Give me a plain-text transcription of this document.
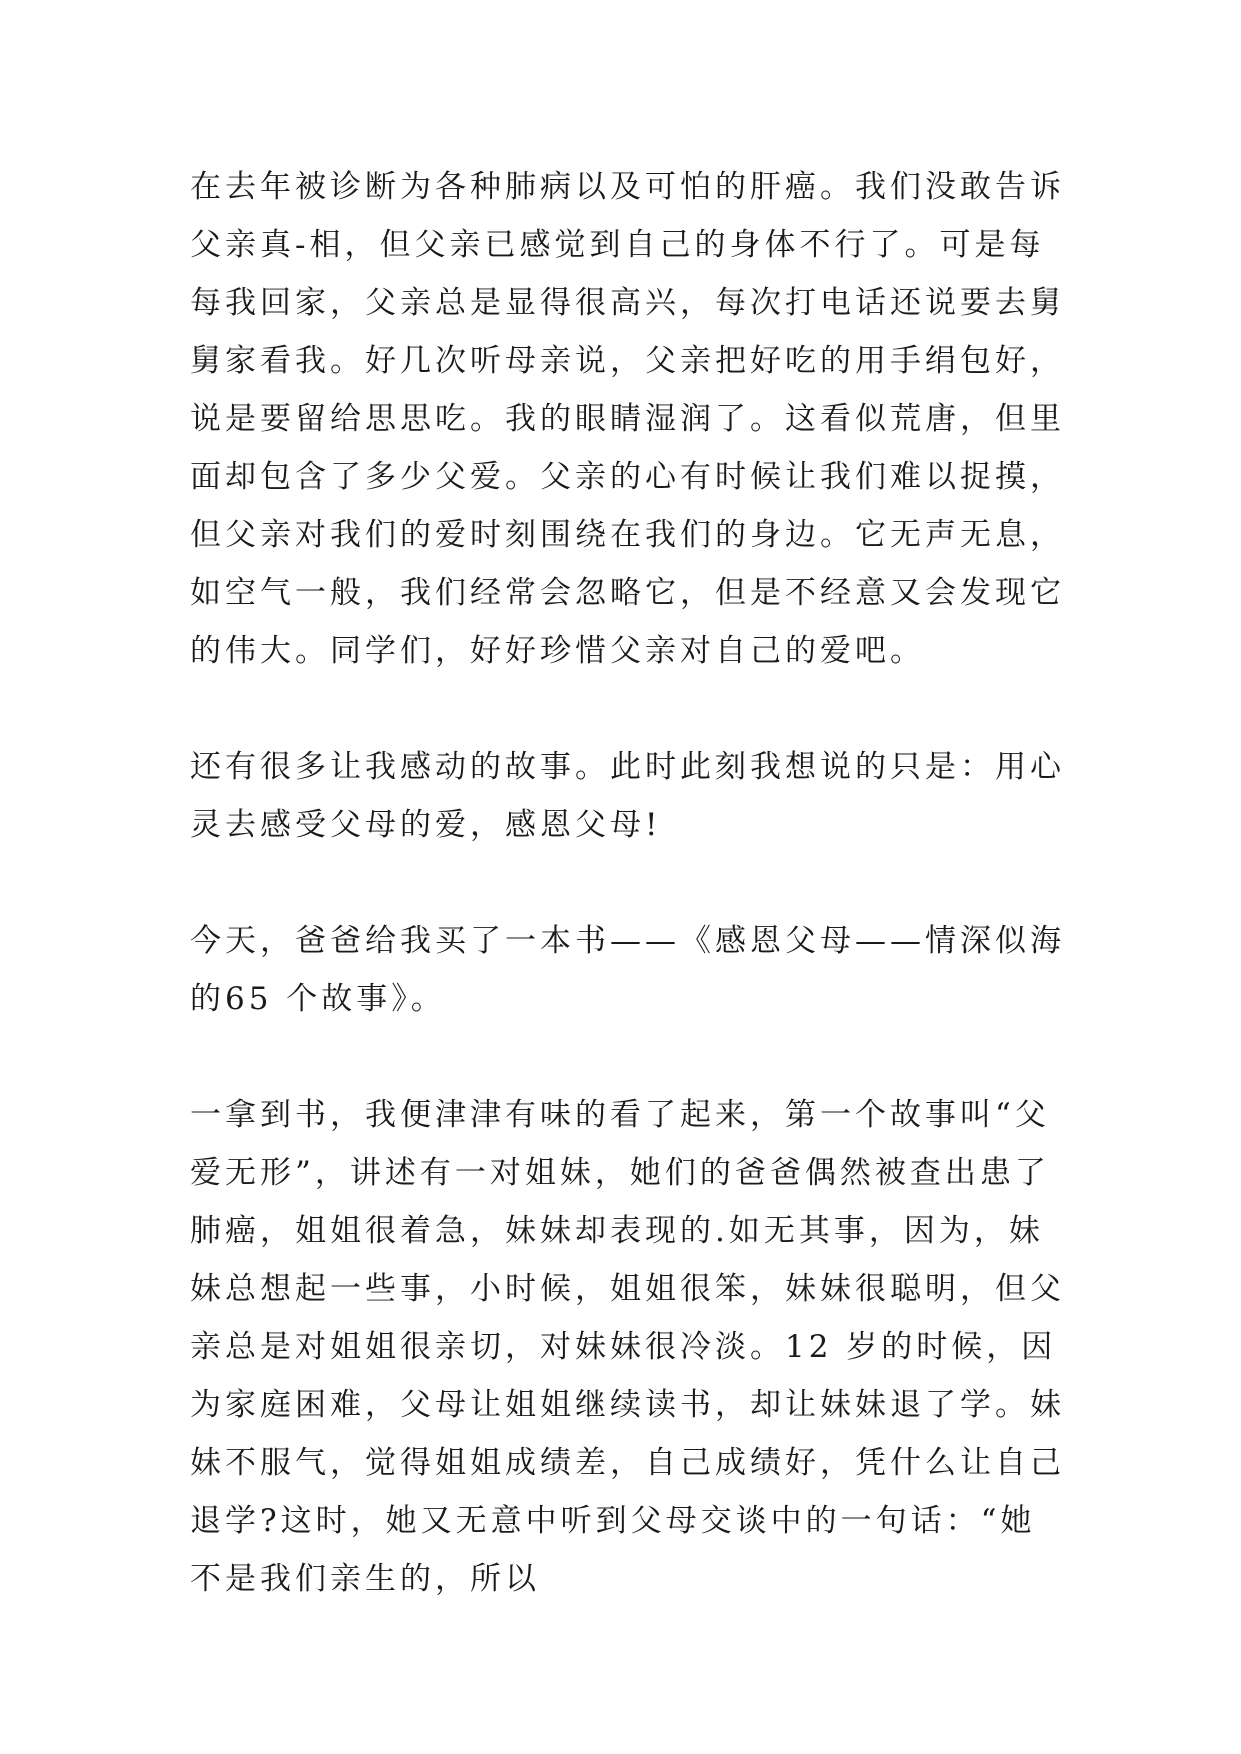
在去年被诊断为各种肺病以及可怕的肝癌。我们没敢告诉父亲真-相，但父亲已感觉到自己的身体不行了。可是每每我回家，父亲总是显得很高兴，每次打电话还说要去舅舅家看我。好几次听母亲说，父亲把好吃的用手绢包好，说是要留给思思吃。我的眼睛湿润了。这看似荒唐，但里面却包含了多少父爱。父亲的心有时候让我们难以捉摸，但父亲对我们的爱时刻围绕在我们的身边。它无声无息，如空气一般，我们经常会忽略它，但是不经意又会发现它的伟大。同学们，好好珍惜父亲对自己的爱吧。

还有很多让我感动的故事。此时此刻我想说的只是：用心灵去感受父母的爱，感恩父母!

今天，爸爸给我买了一本书——《感恩父母——情深似海的65 个故事》。

一拿到书，我便津津有味的看了起来，第一个故事叫“父爱无形”，讲述有一对姐妹，她们的爸爸偶然被查出患了肺癌，姐姐很着急，妹妹却表现的.如无其事，因为，妹妹总想起一些事，小时候，姐姐很笨，妹妹很聪明，但父亲总是对姐姐很亲切，对妹妹很冷淡。12 岁的时候，因为家庭困难，父母让姐姐继续读书，却让妹妹退了学。妹妹不服气，觉得姐姐成绩差，自己成绩好，凭什么让自己退学?这时，她又无意中听到父母交谈中的一句话：“她不是我们亲生的，所以
